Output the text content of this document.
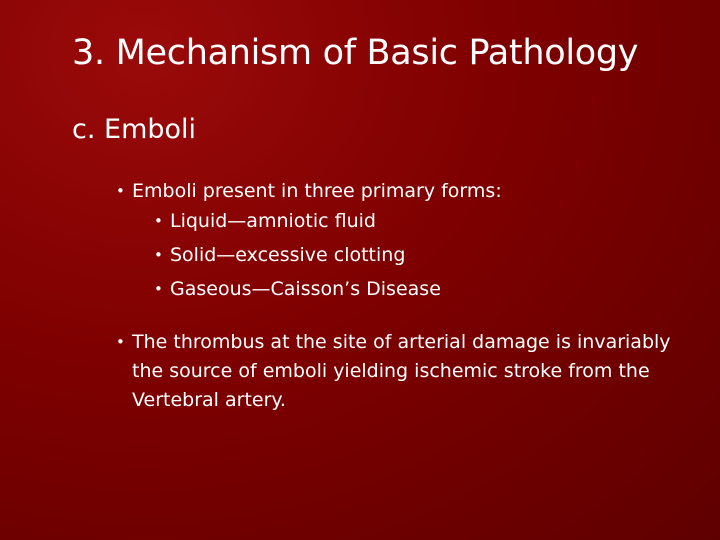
3. Mechanism of Basic Pathology
c. Emboli
• Emboli present in three primary forms:
• Liquid—amniotic fluid
• Solid—excessive clotting
• Gaseous—Caisson’s Disease
• The thrombus at the site of arterial damage is invariably the source of emboli yielding ischemic stroke from the Vertebral artery.
